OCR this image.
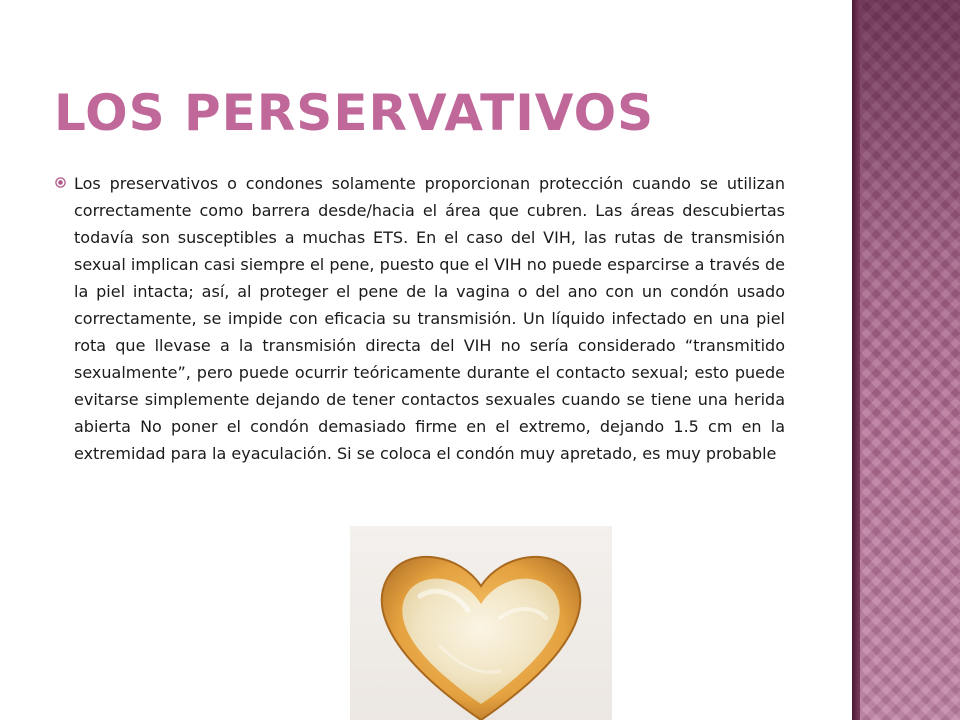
LOS PERSERVATIVOS

Los preservativos o condones solamente proporcionan protección cuando se utilizan correctamente como barrera desde/hacia el área que cubren. Las áreas descubiertas todavía son susceptibles a muchas ETS. En el caso del VIH, las rutas de transmisión sexual implican casi siempre el pene, puesto que el VIH no puede esparcirse a través de la piel intacta; así, al proteger el pene de la vagina o del ano con un condón usado correctamente, se impide con eficacia su transmisión. Un líquido infectado en una piel rota que llevase a la transmisión directa del VIH no sería considerado “transmitido sexualmente”, pero puede ocurrir teóricamente durante el contacto sexual; esto puede evitarse simplemente dejando de tener contactos sexuales cuando se tiene una herida abierta No poner el condón demasiado firme en el extremo, dejando 1.5 cm en la extremidad para la eyaculación. Si se coloca el condón muy apretado, es muy probable
